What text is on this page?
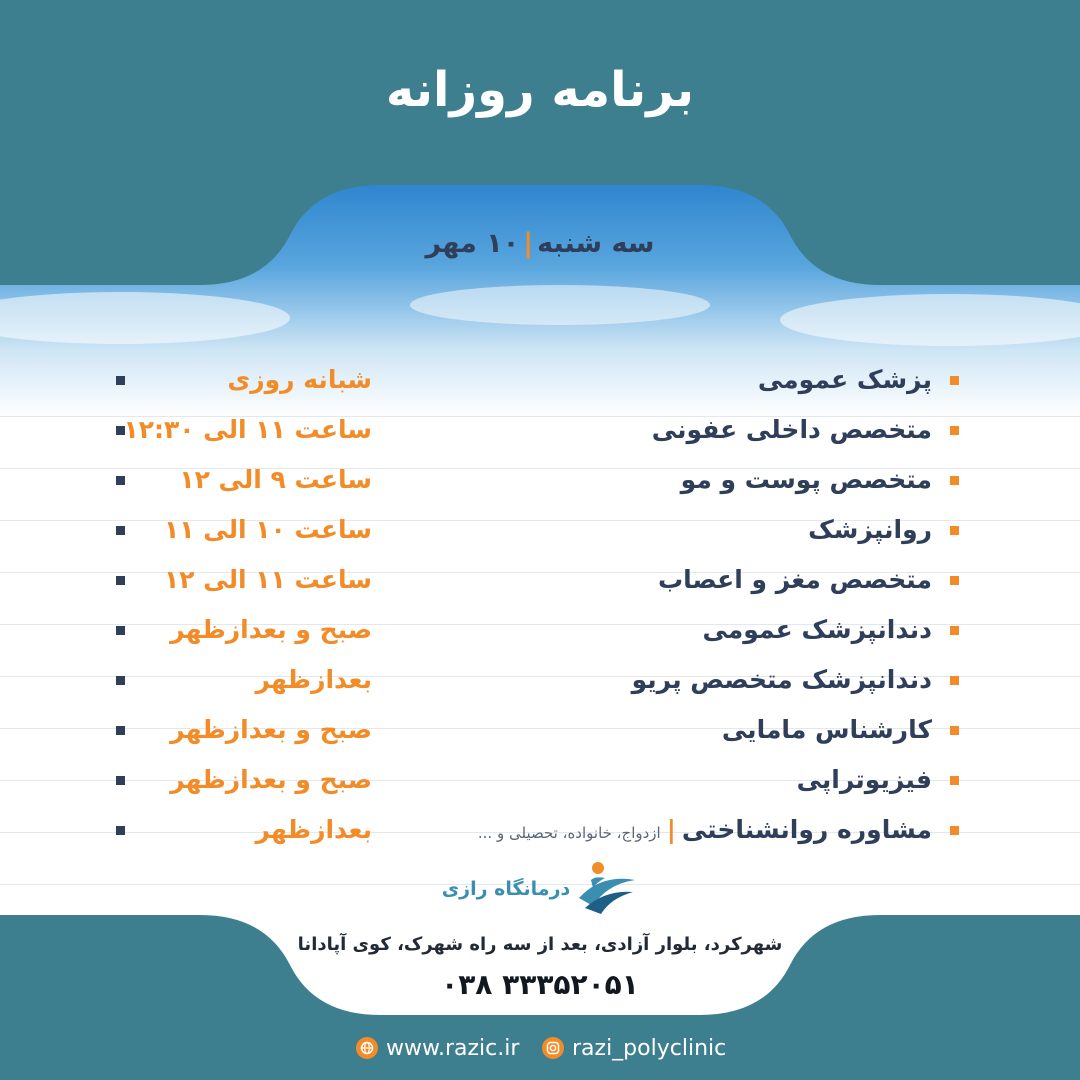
برنامه روزانه
سه شنبه|۱۰ مهر
شبانه روزی	پزشک عمومی
ساعت ۱۱ الی ۱۲:۳۰	متخصص داخلی عفونی
ساعت ۹ الی ۱۲	متخصص پوست و مو
ساعت ۱۰ الی ۱۱	روانپزشک
ساعت ۱۱ الی ۱۲	متخصص مغز و اعصاب
صبح و بعدازظهر	دندانپزشک عمومی
بعدازظهر	دندانپزشک متخصص پریو
صبح و بعدازظهر	کارشناس مامایی
صبح و بعدازظهر	فیزیوتراپی
بعدازظهر	مشاوره روانشناختی|ازدواج، خانواده، تحصیلی و ...
درمانگاه رازی
شهرکرد، بلوار آزادی، بعد از سه راه شهرک، کوی آپادانا
۰۳۸ ۳۳۳۵۲۰۵۱
www.razic.ir razi_polyclinic
